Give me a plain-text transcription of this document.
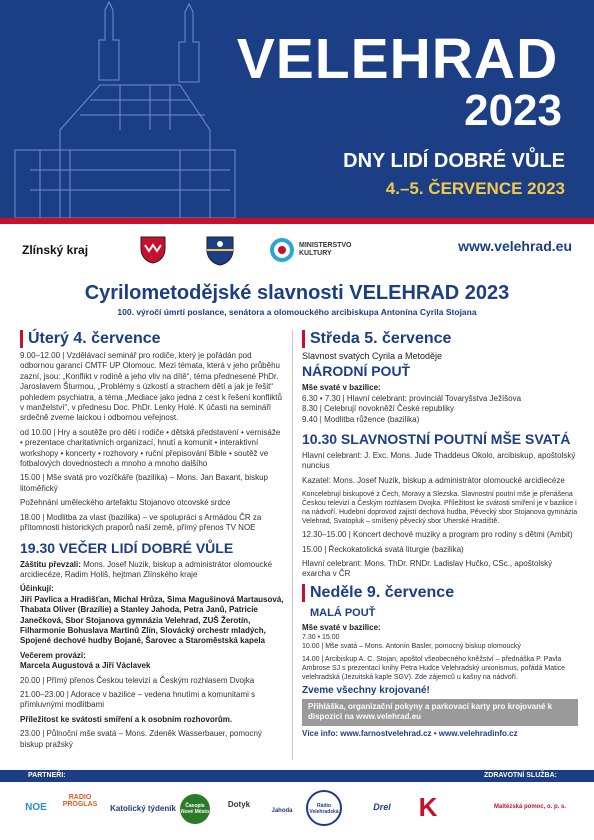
VELEHRAD
2023
DNY LIDÍ DOBRÉ VŮLE
4.–5. ČERVENCE 2023
Zlínský kraj	MINISTERSTVO KULTURY	www.velehrad.eu
Cyrilometodějské slavnosti VELEHRAD 2023
100. výročí úmrtí poslance, senátora a olomouckého arcibiskupa Antonína Cyrila Stojana
Úterý 4. července
9.00–12.00 | Vzdělávací seminář pro rodiče, který je pořádán pod odbornou garancí CMTF UP Olomouc. Mezi témata, která v jeho průběhu zazní, jsou: „Konflikt v rodině a jeho vliv na dítě“, téma přednesené PhDr. Jaroslavem Šturmou, „Problémy s úzkostí a strachem dětí a jak je řešit“ pohledem psychiatra, a téma „Mediace jako jedna z cest k řešení konfliktů v manželství“, v přednesu Doc. PhDr. Lenky Holé. K účasti na semináři srdečně zveme laickou i odbornou veřejnost.
od 10.00 | Hry a soutěže pro děti i rodiče • dětská představení • vernisáže • prezentace charitativních organizací, hnutí a komunit • interaktivní workshopy • koncerty • rozhovory • ruční přepisování Bible • soutěž ve fotbalových dovednostech a mnoho a mnoho dalšího
15.00 | Mše svatá pro vozíčkáře (bazilika) – Mons. Jan Baxant, biskup litoměřický
Požehnání uměleckého artefaktu Stojanovo otcovské srdce
18.00 | Modlitba za vlast (bazilika) – ve spolupráci s Armádou ČR za přítomnosti historických praporů naší země, přímý přenos TV NOE
19.30 VEČER LIDÍ DOBRÉ VŮLE
Záštitu převzali: Mons. Josef Nuzik, biskup a administrátor olomoucké arcidiecéze, Radim Holiš, hejtman Zlínského kraje
Účinkují:
Jiří Pavlica a Hradišťan, Michal Hrůza, Sima Magušinová Martausová, Thabata Oliver (Brazílie) a Stanley Jahoda, Petra Janů, Patricie Janečková, Sbor Stojanova gymnázia Velehrad, ZUŠ Žerotín, Filharmonie Bohuslava Martinů Zlín, Slovácký orchestr mladých, Spojené dechové hudby Bojané, Šarovec a Staroměstská kapela
Večerem provází:
Marcela Augustová a Jiří Václavek
20.00 | Přímý přenos Českou televizí a Českým rozhlasem Dvojka
21.00–23.00 | Adorace v bazilice – vedena hnutími a komunitami s přímluvnými modlitbami
Příležitost ke svátosti smíření a k osobním rozhovorům.
23.00 | Půlnoční mše svatá – Mons. Zdeněk Wasserbauer, pomocný biskup pražský
Středa 5. července
Slavnost svatých Cyrila a Metoděje
NÁRODNÍ POUŤ
Mše svaté v bazilice:
6.30 • 7.30 | Hlavní celebrant: provinciál Tovaryšstva Ježíšova
8.30 | Celebrují novokněží České republiky
9.40 | Modlitba růžence (bazilika)
10.30 SLAVNOSTNÍ POUTNÍ MŠE SVATÁ
Hlavní celebrant: J. Exc. Mons. Jude Thaddeus Okolo, arcibiskup, apoštolský nuncius
Kazatel: Mons. Josef Nuzik, biskup a administrátor olomoucké arcidiecéze
Koncelebrují biskupové z Čech, Moravy a Slezska. Slavnostní poutní mše je přenášena Českou televizí a Českým rozhlasem Dvojka. Příležitost ke svátosti smíření je v bazilice i na nádvoří. Hudební doprovod zajistí dechová hudba, Pěvecký sbor Stojanova gymnázia Velehrad, Svatopluk – smíšený pěvecký sbor Uherské Hradiště.
12.30–15.00 | Koncert dechové muziky a program pro rodiny s dětmi (Ambit)
15.00 | Řeckokatolická svatá liturgie (bazilika)
Hlavní celebrant: Mons. ThDr. RNDr. Ladislav Hučko, CSc., apoštolský exarcha v ČR
Neděle 9. července
MALÁ POUŤ
Mše svaté v bazilice:
7.30 • 15.00
10.00 | Mše svatá – Mons. Antonín Basler, pomocný biskup olomoucký
14.00 | Arcibiskup A. C. Stojan, apoštol všeobecného kněžství – přednáška P. Pavla Ambrose SJ s prezentací knihy Petra Hudce Velehradský unionismus, pořádá Matice velehradská (Jezuitská kaple SGV). Zde zájemců u kašny na nádvoří.
Zveme všechny krojované!
Přihláška, organizační pokyny a parkovací karty pro krojované k dispozici na www.velehrad.eu
Více info: www.farnostvelehrad.cz • www.velehradinfo.cz
PARTNEŘI:	ZDRAVOTNÍ SLUŽBA:
NOE
RADIO PROGLAS Katolický týdeník	Časopis Nové Město
Dotyk
Jahoda
Rádio Velehradská	Drel	K	Maltézská pomoc, o. p. s.
